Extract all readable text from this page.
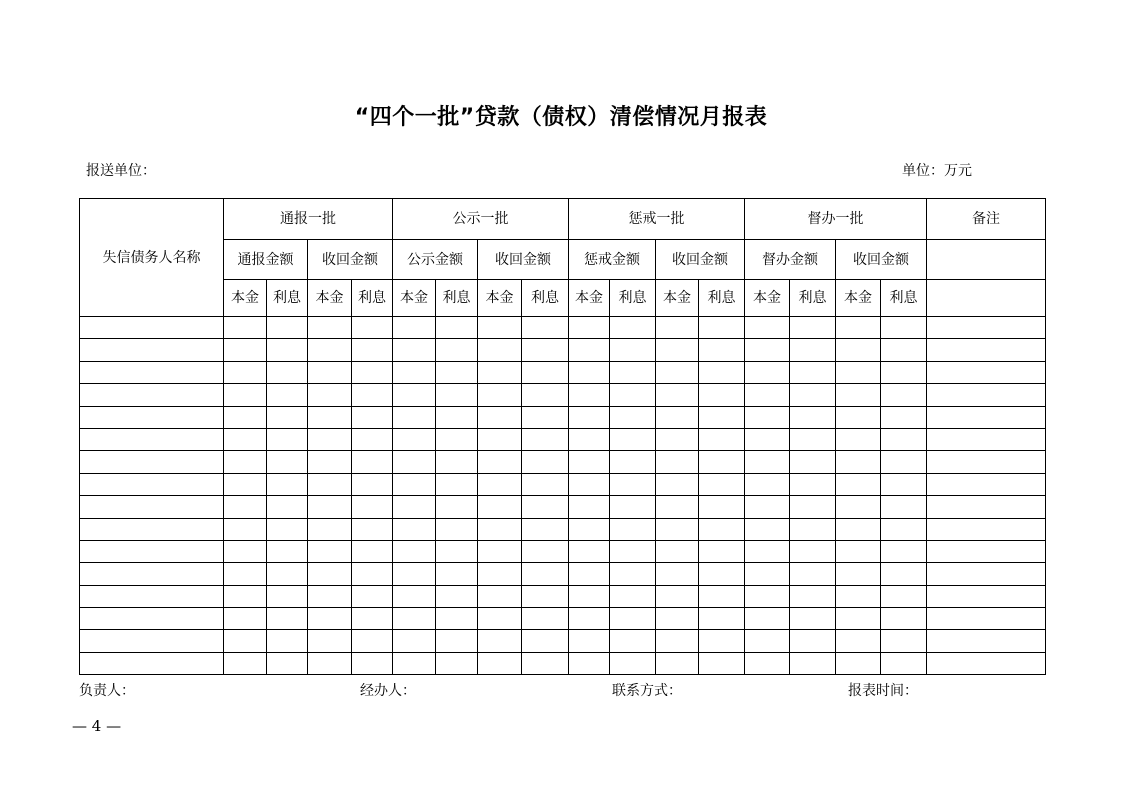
“四个一批”贷款（债权）清偿情况月报表
报送单位：	单位：万元
失信债务人名称	通报一批				公示一批				惩戒一批				督办一批				备注
	通报金额		收回金额		公示金额		收回金额		惩戒金额		收回金额		督办金额		收回金额		
	本金	利息	本金	利息	本金	利息	本金	利息	本金	利息	本金	利息	本金	利息	本金	利息	

负责人：	经办人：	联系方式：	报表时间：
— 4 —
